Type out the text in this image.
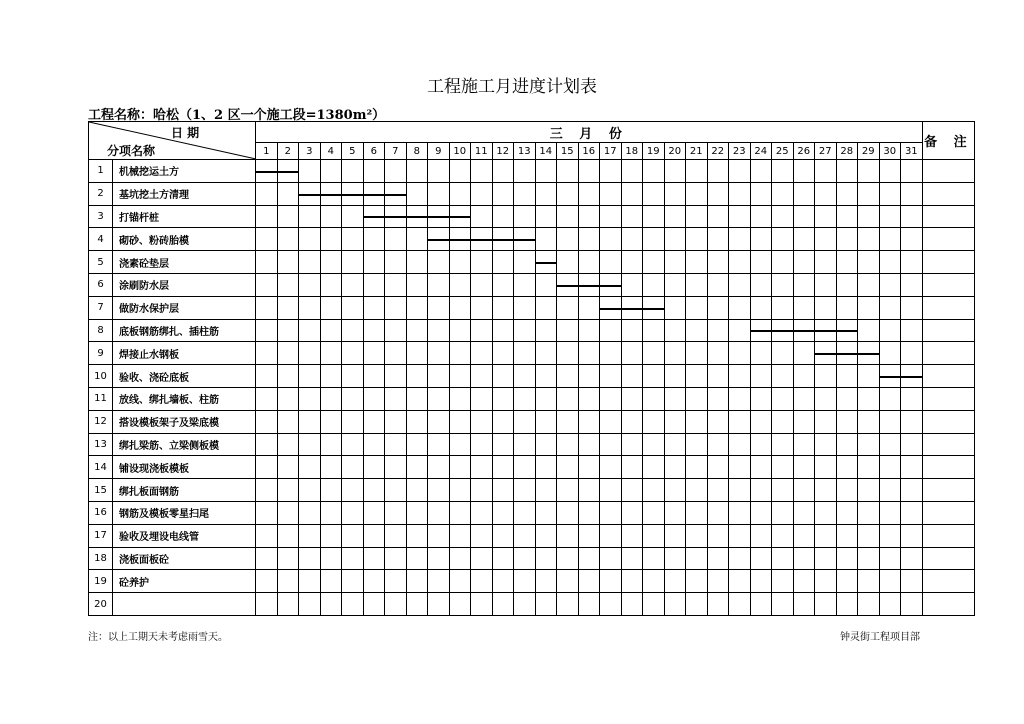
工程施工月进度计划表
工程名称：哈松（1、2 区一个施工段=1380m²）
日 期
分项名称		三 月 份																															备 注
		1	2	3	4	5	6	7	8	9	10	11	12	13	14	15	16	17	18	19	20	21	22	23	24	25	26	27	28	29	30	31	
1	机械挖运土方																																
2	基坑挖土方清理																																
3	打锚杆桩																																
4	砌砂、粉砖胎模																																
5	浇素砼垫层																																
6	涂刷防水层																																
7	做防水保护层																																
8	底板钢筋绑扎、插柱筋																																
9	焊接止水钢板																																
10	验收、浇砼底板																																
11	放线、绑扎墙板、柱筋																																
12	搭设模板架子及梁底模																																
13	绑扎梁筋、立梁侧板模																																
14	铺设现浇板模板																																
15	绑扎板面钢筋																																
16	钢筋及模板零星扫尾																																
17	验收及埋设电线管																																
18	浇板面板砼																																
19	砼养护																																
20																																	
注：以上工期天未考虑雨雪天。	钟灵街工程项目部
